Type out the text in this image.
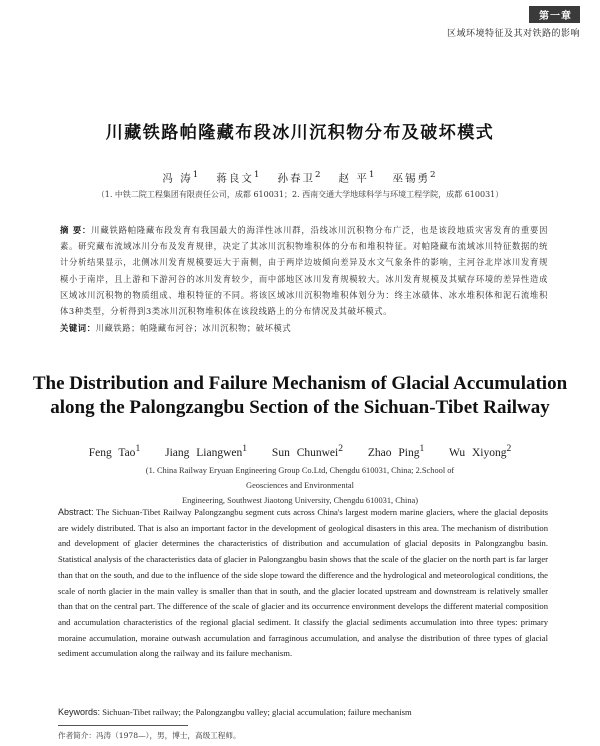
第一章
区域环境特征及其对铁路的影响
川藏铁路帕隆藏布段冰川沉积物分布及破坏模式
冯 涛$^1$ 蒋良文$^1$ 孙春卫$^2$ 赵 平$^1$ 巫锡勇$^2$
（1. 中铁二院工程集团有限责任公司，成都 610031；2. 西南交通大学地球科学与环境工程学院，成都 610031）

摘 要：川藏铁路帕隆藏布段发育有我国最大的海洋性冰川群，沿线冰川沉积物分布广泛，也是该段地质灾害发育的重要因素。研究藏布流域冰川分布及发育规律，决定了其冰川沉积物堆积体的分布和堆积特征。对帕隆藏布流域冰川特征数据的统计分析结果显示，北侧冰川发育规模要远大于南侧，由于两岸边坡倾向差异及水文气象条件的影响，主河谷北岸冰川发育规模小于南岸，且上游和下游河谷的冰川发育较少，而中部地区冰川发育规模较大。冰川发育规模及其赋存环境的差异性造成区域冰川沉积物的物质组成、堆积特征的不同。将该区域冰川沉积物堆积体划分为：终主冰碛体、冰水堆积体和泥石流堆积体3种类型，分析得到3类冰川沉积物堆积体在该段线路上的分布情况及其破坏模式。

关键词：川藏铁路；帕隆藏布河谷；冰川沉积物；破坏模式

The Distribution and Failure Mechanism of Glacial Accumulation
along the Palongzangbu Section of the Sichuan-Tibet Railway
Feng Tao$^1$ Jiang Liangwen$^1$ Sun Chunwei$^2$ Zhao Ping$^1$ Wu Xiyong$^2$
(1. China Railway Eryuan Engineering Group Co.Ltd, Chengdu 610031, China; 2.School of Geosciences and Environmental
Engineering, Southwest Jiaotong University, Chengdu 610031, China)

Abstract: The Sichuan-Tibet Railway Palongzangbu segment cuts across China's largest modern marine glaciers, where the glacial deposits are widely distributed. That is also an important factor in the development of geological disasters in this area. The mechanism of distribution and development of glacier determines the characteristics of distribution and accumulation of glacial deposits in Palongzangbu basin. Statistical analysis of the characteristics data of glacier in Palongzangbu basin shows that the scale of the glacier on the north part is far larger than that on the south, and due to the influence of the side slope toward the difference and the hydrological and meteorological conditions, the scale of north glacier in the main valley is smaller than that in south, and the glacier located upstream and downstream is relatively smaller than that on the central part. The difference of the scale of glacier and its occurrence environment develops the different material composition and accumulation characteristics of the regional glacial sediment. It classify the glacial sediments accumulation into three types: primary moraine accumulation, moraine outwash accumulation and farraginous accumulation, and analyse the distribution of three types of glacial sediment accumulation along the railway and its failure mechanism.

Keywords: Sichuan-Tibet railway; the Palongzangbu valley; glacial accumulation; failure mechanism

作者简介：冯涛（1978—），男，博士，高级工程师。
